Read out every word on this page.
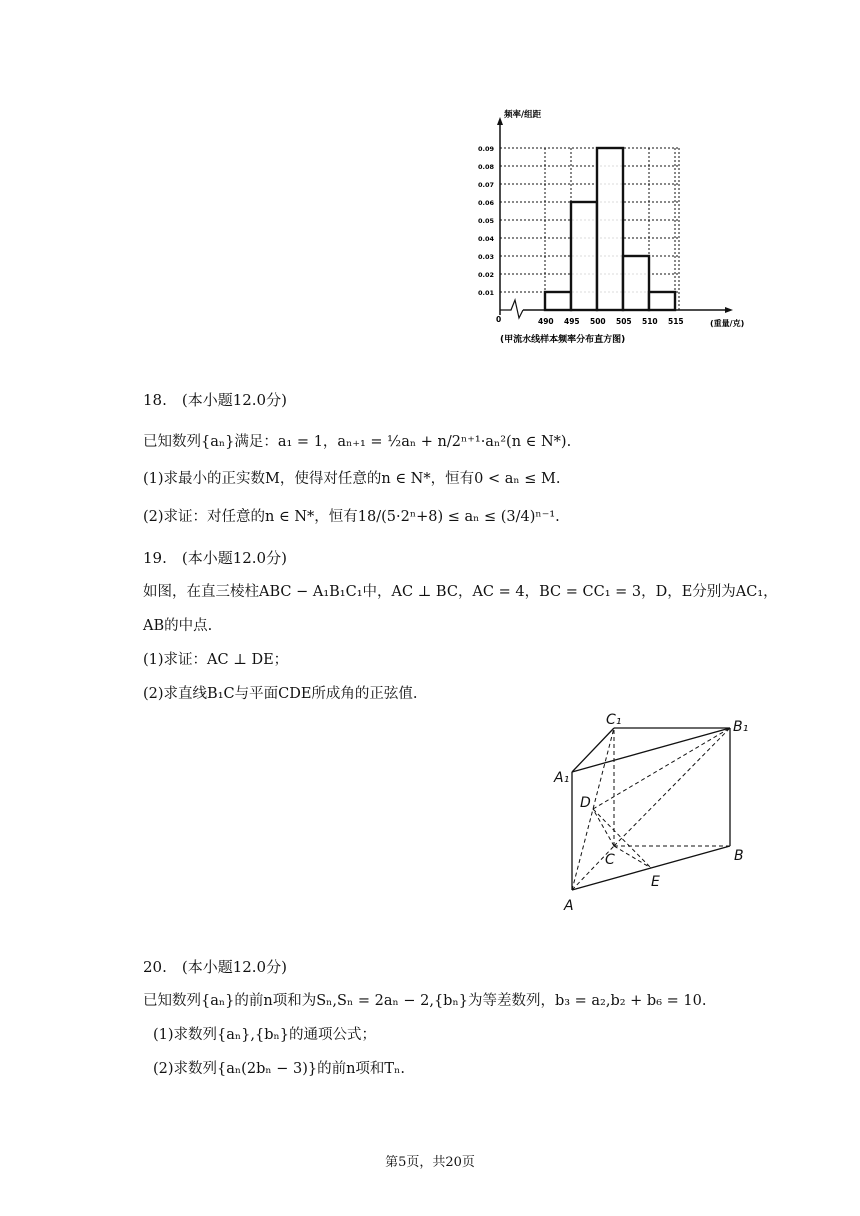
频率/组距
0	(重量/克)
(甲流水线样本频率分布直方图)
0.01
0.02
0.03
0.04
0.05
0.06
0.07
0.08
0.09
490 495 500 505 510 515
18.　(本小题12.0分)
已知数列{aₙ}满足：a₁ = 1，aₙ₊₁ = ½aₙ + n/2ⁿ⁺¹·aₙ²(n ∈ N*).
(1)求最小的正实数M，使得对任意的n ∈ N*，恒有0 < aₙ ≤ M.
(2)求证：对任意的n ∈ N*，恒有18/(5·2ⁿ+8) ≤ aₙ ≤ (3/4)ⁿ⁻¹.
19.　(本小题12.0分)
如图，在直三棱柱ABC − A₁B₁C₁中，AC ⊥ BC，AC = 4，BC = CC₁ = 3，D，E分别为AC₁，
AB的中点.
(1)求证：AC ⊥ DE；
(2)求直线B₁C与平面CDE所成角的正弦值.
C₁	B₁
A₁
D
C	B
E
A
20.　(本小题12.0分)
已知数列{aₙ}的前n项和为Sₙ,Sₙ = 2aₙ − 2,{bₙ}为等差数列，b₃ = a₂,b₂ + b₆ = 10.
(1)求数列{aₙ},{bₙ}的通项公式；
(2)求数列{aₙ(2bₙ − 3)}的前n项和Tₙ.
第5页，共20页
